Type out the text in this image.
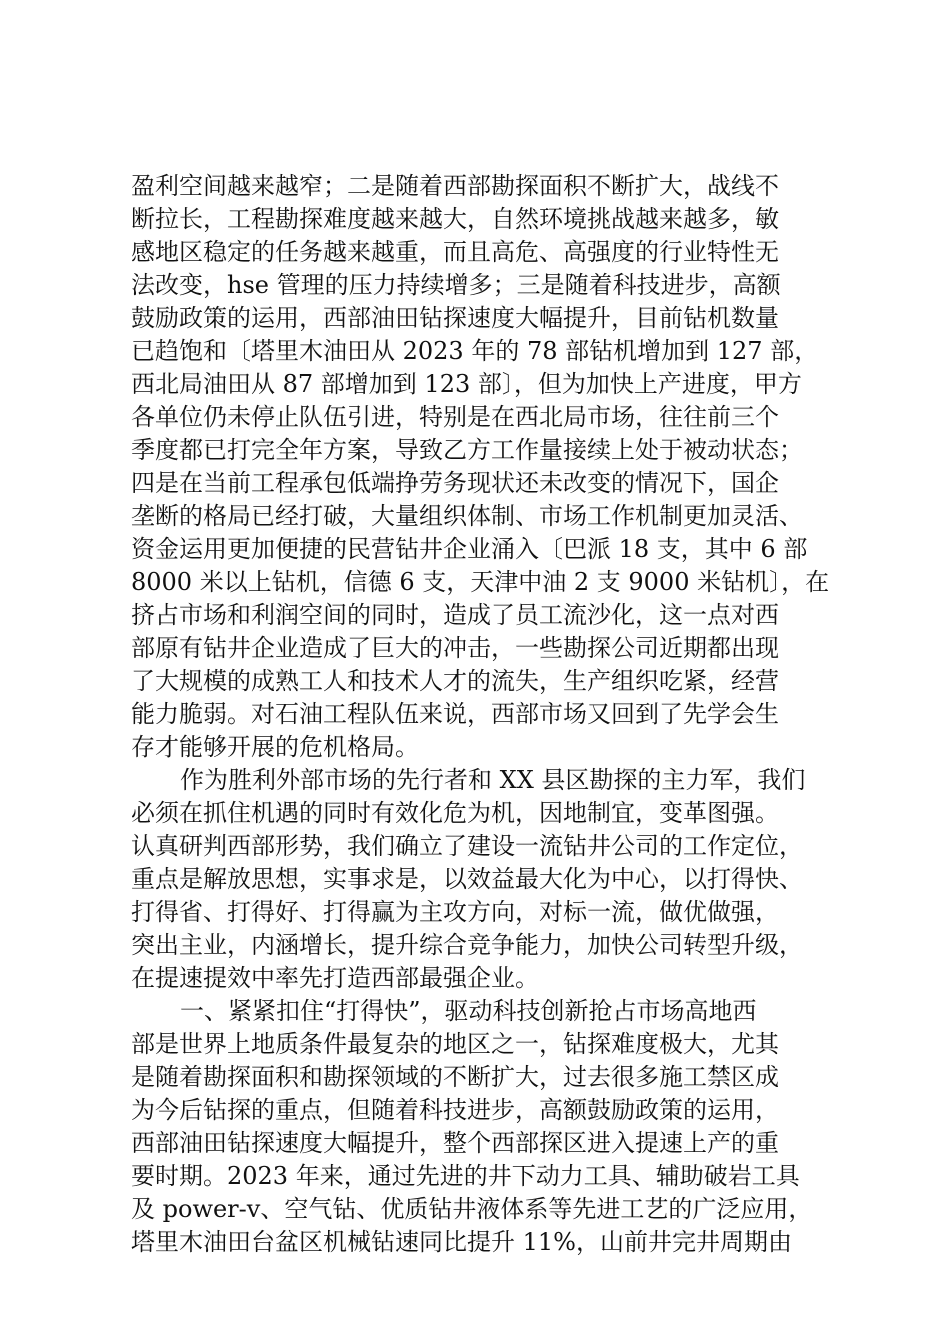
盈利空间越来越窄；二是随着西部勘探面积不断扩大，战线不
断拉长，工程勘探难度越来越大，自然环境挑战越来越多，敏
感地区稳定的任务越来越重，而且高危、高强度的行业特性无
法改变，hse 管理的压力持续增多；三是随着科技进步，高额
鼓励政策的运用，西部油田钻探速度大幅提升，目前钻机数量
已趋饱和〔塔里木油田从 2023 年的 78 部钻机增加到 127 部，
西北局油田从 87 部增加到 123 部〕，但为加快上产进度，甲方
各单位仍未停止队伍引进，特别是在西北局市场，往往前三个
季度都已打完全年方案，导致乙方工作量接续上处于被动状态；
四是在当前工程承包低端挣劳务现状还未改变的情况下，国企
垄断的格局已经打破，大量组织体制、市场工作机制更加灵活、
资金运用更加便捷的民营钻井企业涌入〔巴派 18 支，其中 6 部
8000 米以上钻机，信德 6 支，天津中油 2 支 9000 米钻机〕，在
挤占市场和利润空间的同时，造成了员工流沙化，这一点对西
部原有钻井企业造成了巨大的冲击，一些勘探公司近期都出现
了大规模的成熟工人和技术人才的流失，生产组织吃紧，经营
能力脆弱。对石油工程队伍来说，西部市场又回到了先学会生
存才能够开展的危机格局。
作为胜利外部市场的先行者和 XX 县区勘探的主力军，我们
必须在抓住机遇的同时有效化危为机，因地制宜，变革图强。
认真研判西部形势，我们确立了建设一流钻井公司的工作定位，
重点是解放思想，实事求是，以效益最大化为中心，以打得快、
打得省、打得好、打得赢为主攻方向，对标一流，做优做强，
突出主业，内涵增长，提升综合竞争能力，加快公司转型升级，
在提速提效中率先打造西部最强企业。
一、紧紧扣住“打得快”，驱动科技创新抢占市场高地西
部是世界上地质条件最复杂的地区之一，钻探难度极大，尤其
是随着勘探面积和勘探领域的不断扩大，过去很多施工禁区成
为今后钻探的重点，但随着科技进步，高额鼓励政策的运用，
西部油田钻探速度大幅提升，整个西部探区进入提速上产的重
要时期。2023 年来，通过先进的井下动力工具、辅助破岩工具
及 power-v、空气钻、优质钻井液体系等先进工艺的广泛应用，
塔里木油田台盆区机械钻速同比提升 11%，山前井完井周期由
